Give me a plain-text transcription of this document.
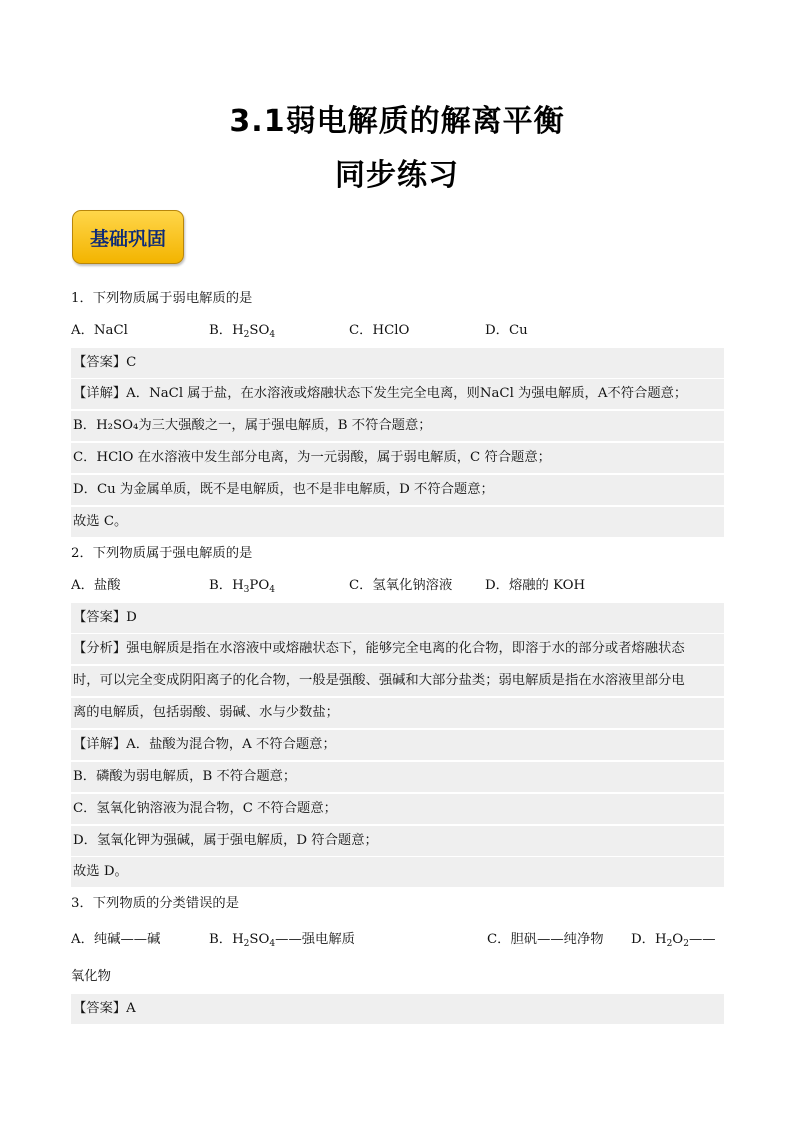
3.1弱电解质的解离平衡
同步练习
基础巩固
1．下列物质属于弱电解质的是
A．NaCl	B．$H_2SO_4$	C．HClO	D．Cu
【答案】C
【详解】A．NaCl 属于盐，在水溶液或熔融状态下发生完全电离，则NaCl 为强电解质，A不符合题意；
B．H₂SO₄为三大强酸之一，属于强电解质，B 不符合题意；
C．HClO 在水溶液中发生部分电离，为一元弱酸，属于弱电解质，C 符合题意；
D．Cu 为金属单质，既不是电解质，也不是非电解质，D 不符合题意；
故选 C。
2．下列物质属于强电解质的是
A．盐酸	B．$H_3PO_4$	C．氢氧化钠溶液 D．熔融的 KOH
【答案】D
【分析】强电解质是指在水溶液中或熔融状态下，能够完全电离的化合物，即溶于水的部分或者熔融状态
时，可以完全变成阴阳离子的化合物，一般是强酸、强碱和大部分盐类；弱电解质是指在水溶液里部分电
离的电解质，包括弱酸、弱碱、水与少数盐；
【详解】A．盐酸为混合物，A 不符合题意；
B．磷酸为弱电解质，B 不符合题意；
C．氢氧化钠溶液为混合物，C 不符合题意；
D．氢氧化钾为强碱，属于强电解质，D 符合题意；
故选 D。
3．下列物质的分类错误的是
A．纯碱——碱	B．$H_2SO_4——$强电解质	C．胆矾——纯净物 D．$H_2O_2——$
氧化物
【答案】A
